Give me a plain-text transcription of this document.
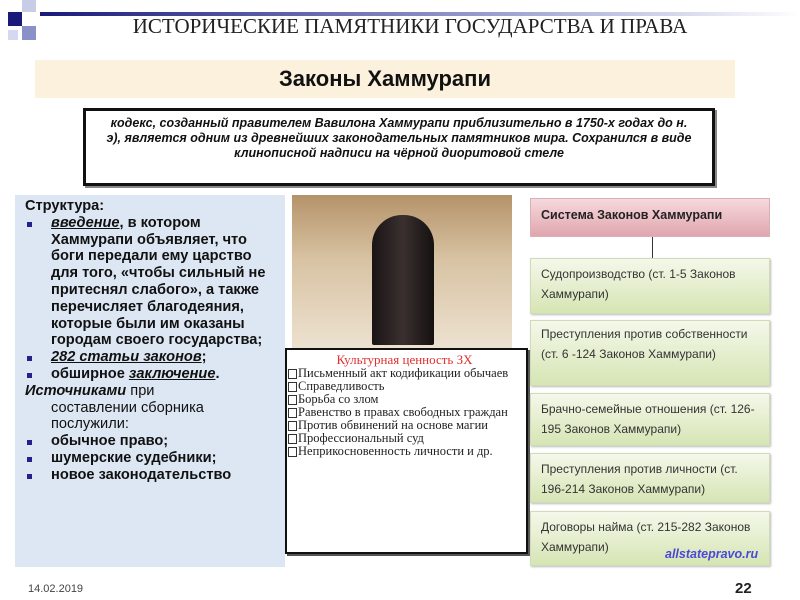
ИСТОРИЧЕСКИЕ ПАМЯТНИКИ ГОСУДАРСТВА И ПРАВА
Законы Хаммурапи
кодекс, созданный правителем Вавилона Хаммурапи приблизительно в 1750-х годах до н. э), является одним из древнейших законодательных памятников мира. Сохранился в виде клинописной надписи на чёрной диоритовой стеле

Структура:

введение, в котором Хаммурапи объявляет, что боги передали ему царство для того, «чтобы сильный не притеснял слабого», а также перечисляет благодеяния, которые были им оказаны городам своего государства;

282 статьи законов;

обширное заключение.

Источниками при

составлении сборника послужили:

обычное право;

шумерские судебники;

новое законодательство

Культурная ценность ЗХ
Письменный акт кодификации обычаев
Справедливость
Борьба со злом
Равенство в правах свободных граждан
Против обвинений на основе магии
Профессиональный суд
Неприкосновенность личности и др.
Система Законов Хаммурапи
Судопроизводство (ст. 1-5 Законов Хаммурапи)
Преступления против собственности (ст. 6 -124 Законов Хаммурапи)
Брачно-семейные отношения (ст. 126-195 Законов Хаммурапи)
Преступления против личности (ст. 196-214 Законов Хаммурапи)
Договоры найма (ст. 215-282 Законов Хаммурапи)	allstatepravo.ru
14.02.2019	22
